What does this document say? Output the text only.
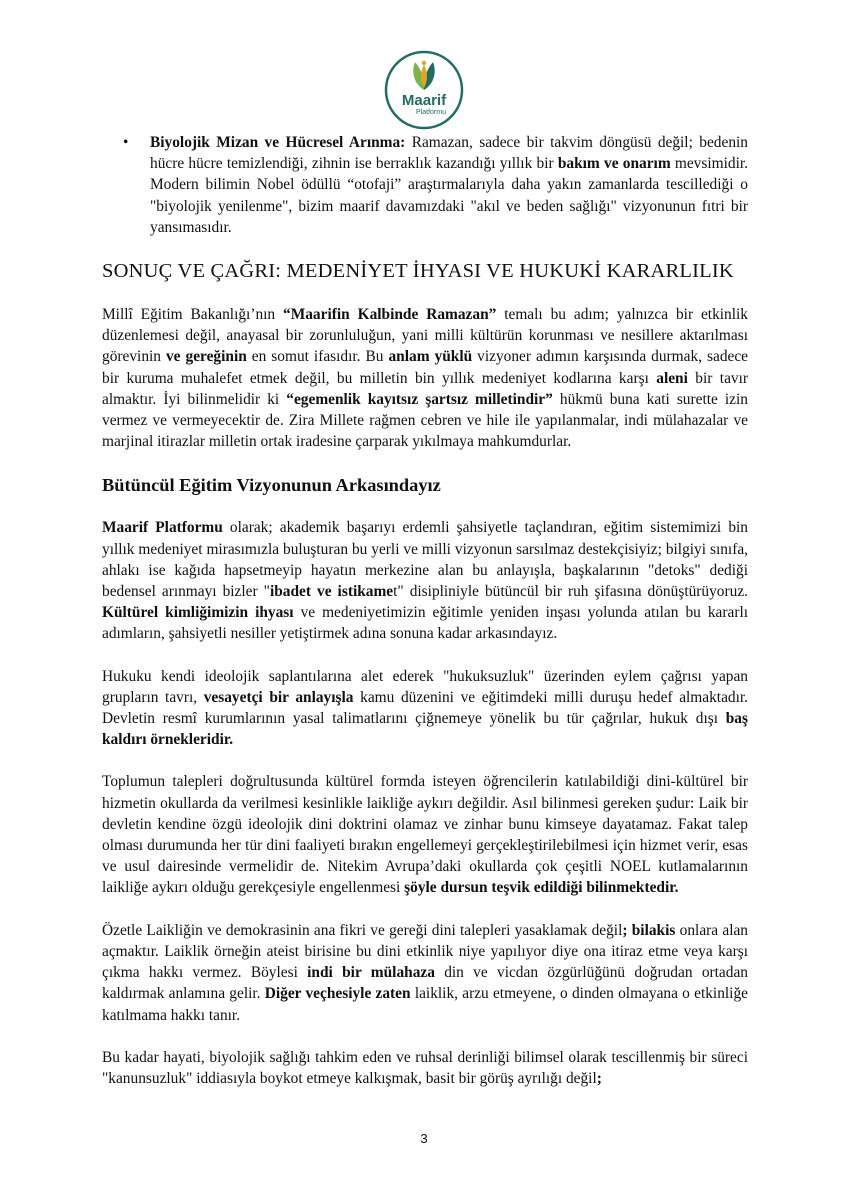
Maarif
Platformu
• Biyolojik Mizan ve Hücresel Arınma: Ramazan, sadece bir takvim döngüsü değil; bedenin hücre hücre temizlendiği, zihnin ise berraklık kazandığı yıllık bir bakım ve onarım mevsimidir. Modern bilimin Nobel ödüllü “otofaji” araştırmalarıyla daha yakın zamanlarda tescillediği o "biyolojik yenilenme", bizim maarif davamızdaki "akıl ve beden sağlığı" vizyonunun fıtri bir yansımasıdır.
SONUÇ VE ÇAĞRI: MEDENİYET İHYASI VE HUKUKİ KARARLILIK

Millî Eğitim Bakanlığı’nın “Maarifin Kalbinde Ramazan” temalı bu adım; yalnızca bir etkinlik düzenlemesi değil, anayasal bir zorunluluğun, yani milli kültürün korunması ve nesillere aktarılması görevinin ve gereğinin en somut ifasıdır. Bu anlam yüklü vizyoner adımın karşısında durmak, sadece bir kuruma muhalefet etmek değil, bu milletin bin yıllık medeniyet kodlarına karşı aleni bir tavır almaktır. İyi bilinmelidir ki “egemenlik kayıtsız şartsız milletindir” hükmü buna kati surette izin vermez ve vermeyecektir de. Zira Millete rağmen cebren ve hile ile yapılanmalar, indi mülahazalar ve marjinal itirazlar milletin ortak iradesine çarparak yıkılmaya mahkumdurlar.

Bütüncül Eğitim Vizyonunun Arkasındayız

Maarif Platformu olarak; akademik başarıyı erdemli şahsiyetle taçlandıran, eğitim sistemimizi bin yıllık medeniyet mirasımızla buluşturan bu yerli ve milli vizyonun sarsılmaz destekçisiyiz; bilgiyi sınıfa, ahlakı ise kağıda hapsetmeyip hayatın merkezine alan bu anlayışla, başkalarının "detoks" dediği bedensel arınmayı bizler "ibadet ve istikamet" disipliniyle bütüncül bir ruh şifasına dönüştürüyoruz. Kültürel kimliğimizin ihyası ve medeniyetimizin eğitimle yeniden inşası yolunda atılan bu kararlı adımların, şahsiyetli nesiller yetiştirmek adına sonuna kadar arkasındayız.

Hukuku kendi ideolojik saplantılarına alet ederek "hukuksuzluk" üzerinden eylem çağrısı yapan grupların tavrı, vesayetçi bir anlayışla kamu düzenini ve eğitimdeki milli duruşu hedef almaktadır. Devletin resmî kurumlarının yasal talimatlarını çiğnemeye yönelik bu tür çağrılar, hukuk dışı baş kaldırı örnekleridir.

Toplumun talepleri doğrultusunda kültürel formda isteyen öğrencilerin katılabildiği dini-kültürel bir hizmetin okullarda da verilmesi kesinlikle laikliğe aykırı değildir. Asıl bilinmesi gereken şudur: Laik bir devletin kendine özgü ideolojik dini doktrini olamaz ve zinhar bunu kimseye dayatamaz. Fakat talep olması durumunda her tür dini faaliyeti bırakın engellemeyi gerçekleştirilebilmesi için hizmet verir, esas ve usul dairesinde vermelidir de. Nitekim Avrupa’daki okullarda çok çeşitli NOEL kutlamalarının laikliğe aykırı olduğu gerekçesiyle engellenmesi şöyle dursun teşvik edildiği bilinmektedir.

Özetle Laikliğin ve demokrasinin ana fikri ve gereği dini talepleri yasaklamak değil; bilakis onlara alan açmaktır. Laiklik örneğin ateist birisine bu dini etkinlik niye yapılıyor diye ona itiraz etme veya karşı çıkma hakkı vermez. Böylesi indi bir mülahaza din ve vicdan özgürlüğünü doğrudan ortadan kaldırmak anlamına gelir. Diğer veçhesiyle zaten laiklik, arzu etmeyene, o dinden olmayana o etkinliğe katılmama hakkı tanır.

Bu kadar hayati, biyolojik sağlığı tahkim eden ve ruhsal derinliği bilimsel olarak tescillenmiş bir süreci "kanunsuzluk" iddiasıyla boykot etmeye kalkışmak, basit bir görüş ayrılığı değil;

3
